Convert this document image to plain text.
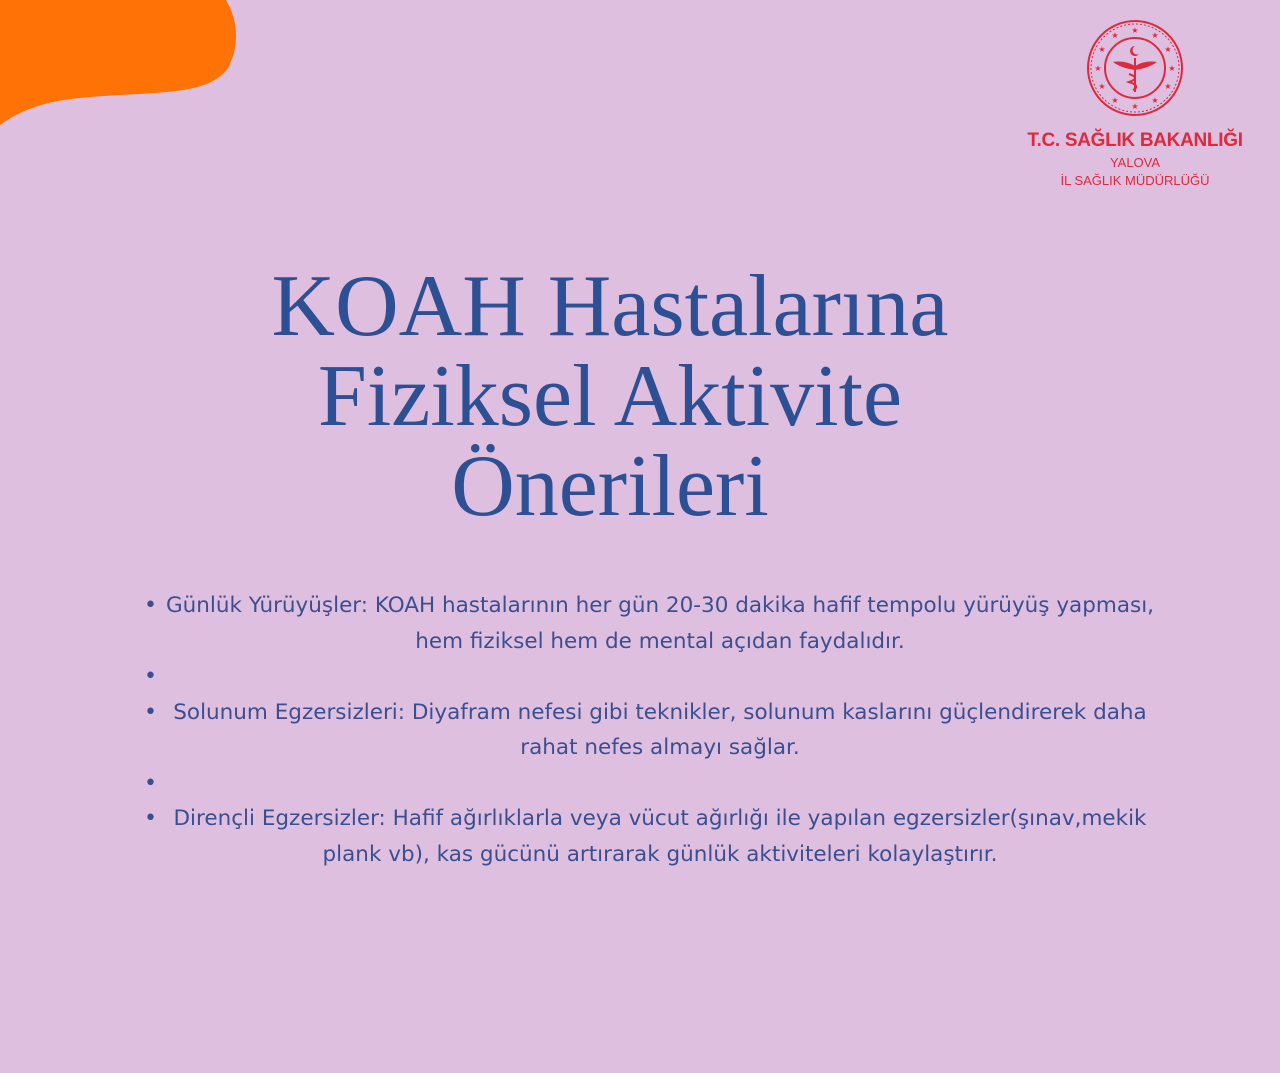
★
★
★
★
★
★
★
★
★
★
★
★
T.C. SAĞLIK BAKANLIĞI
YALOVA
İL SAĞLIK MÜDÜRLÜĞÜ
KOAH Hastalarına
Fiziksel Aktivite
Önerileri
• Günlük Yürüyüşler: KOAH hastalarının her gün 20-30 dakika hafif tempolu yürüyüş yapması, hem fiziksel hem de mental açıdan faydalıdır.
•
• Solunum Egzersizleri: Diyafram nefesi gibi teknikler, solunum kaslarını güçlendirerek daha rahat nefes almayı sağlar.
•
• Dirençli Egzersizler: Hafif ağırlıklarla veya vücut ağırlığı ile yapılan egzersizler(şınav,mekik plank vb), kas gücünü artırarak günlük aktiviteleri kolaylaştırır.
